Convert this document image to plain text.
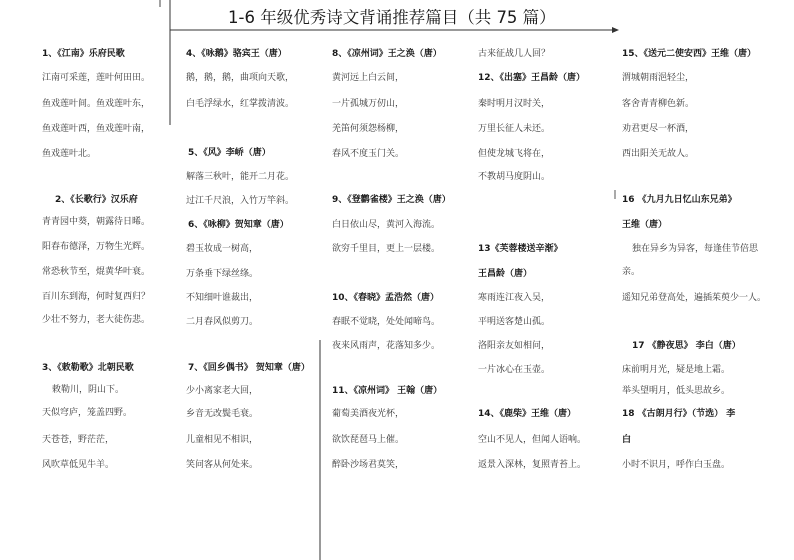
1-6 年级优秀诗文背诵推荐篇目（共 75 篇）
1、《江南》乐府民歌
江南可采莲，莲叶何田田。
鱼戏莲叶间。鱼戏莲叶东，
鱼戏莲叶西，鱼戏莲叶南，
鱼戏莲叶北。
2、《长歌行》汉乐府
青青园中葵，朝露待日晞。
阳春布德泽，万物生光辉。
常恐秋节至，焜黄华叶衰。
百川东到海，何时复西归？
少壮不努力，老大徒伤悲。
3、《敕勒歌》北朝民歌
敕勒川，阴山下。
天似穹庐，笼盖四野。
天苍苍，野茫茫，
风吹草低见牛羊。
4、《咏鹅》骆宾王（唐）
鹅，鹅，鹅，曲项向天歌，
白毛浮绿水，红掌拨清波。
5、《风》李峤（唐）
解落三秋叶，能开二月花。
过江千尺浪，入竹万竿斜。
6、《咏柳》贺知章（唐）
碧玉妆成一树高，
万条垂下绿丝绦。
不知细叶谁裁出，
二月春风似剪刀。
7、《回乡偶书》 贺知章（唐）
少小离家老大回，
乡音无改鬓毛衰。
儿童相见不相识，
笑问客从何处来。
8、《凉州词》王之涣（唐）
黄河远上白云间，
一片孤城万仞山，
羌笛何须怨杨柳，
春风不度玉门关。
9、《登鹳雀楼》王之涣（唐）
白日依山尽，黄河入海流。
欲穷千里目，更上一层楼。
10、《春晓》孟浩然（唐）
春眠不觉晓，处处闻啼鸟。
夜来风雨声，花落知多少。
11、《凉州词》 王翰（唐）
葡萄美酒夜光杯，
欲饮琵琶马上催。
醉卧沙场君莫笑，
古来征战几人回？
12、《出塞》王昌龄（唐）
秦时明月汉时关，
万里长征人未还。
但使龙城飞将在，
不教胡马度阴山。
13《芙蓉楼送辛渐》
王昌龄（唐）
寒雨连江夜入吴，
平明送客楚山孤。
洛阳亲友如相问，
一片冰心在玉壶。
14、《鹿柴》王维（唐）
空山不见人，但闻人语响。
返景入深林，复照青苔上。
15、《送元二使安西》王维（唐）
渭城朝雨浥轻尘，
客舍青青柳色新。
劝君更尽一杯酒，
西出阳关无故人。
16 《九月九日忆山东兄弟》
王维（唐）
独在异乡为异客，每逢佳节倍思
亲。
遥知兄弟登高处，遍插茱萸少一人。
17 《静夜思》 李白（唐）
床前明月光，疑是地上霜。
举头望明月，低头思故乡。
18 《古朗月行》（节选） 李
白
小时不识月，呼作白玉盘。
